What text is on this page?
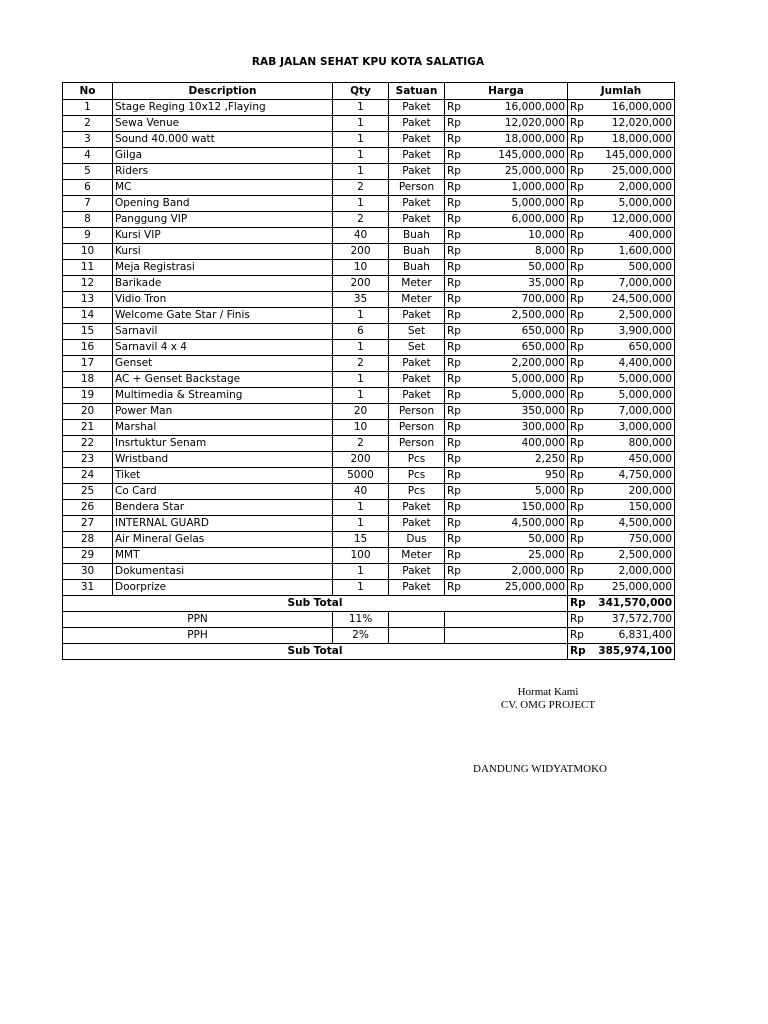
RAB JALAN SEHAT KPU KOTA SALATIGA
No	Description	Qty	Satuan	Harga		Jumlah	
1	Stage Reging 10x12 ,Flaying	1	Paket	Rp	16,000,000	Rp	16,000,000
2	Sewa Venue	1	Paket	Rp	12,020,000	Rp	12,020,000
3	Sound 40.000 watt	1	Paket	Rp	18,000,000	Rp	18,000,000
4	Gilga	1	Paket	Rp	145,000,000	Rp	145,000,000
5	Riders	1	Paket	Rp	25,000,000	Rp	25,000,000
6	MC	2	Person	Rp	1,000,000	Rp	2,000,000
7	Opening Band	1	Paket	Rp	5,000,000	Rp	5,000,000
8	Panggung VIP	2	Paket	Rp	6,000,000	Rp	12,000,000
9	Kursi VIP	40	Buah	Rp	10,000	Rp	400,000
10	Kursi	200	Buah	Rp	8,000	Rp	1,600,000
11	Meja Registrasi	10	Buah	Rp	50,000	Rp	500,000
12	Barikade	200	Meter	Rp	35,000	Rp	7,000,000
13	Vidio Tron	35	Meter	Rp	700,000	Rp	24,500,000
14	Welcome Gate Star / Finis	1	Paket	Rp	2,500,000	Rp	2,500,000
15	Sarnavil	6	Set	Rp	650,000	Rp	3,900,000
16	Sarnavil 4 x 4	1	Set	Rp	650,000	Rp	650,000
17	Genset	2	Paket	Rp	2,200,000	Rp	4,400,000
18	AC + Genset Backstage	1	Paket	Rp	5,000,000	Rp	5,000,000
19	Multimedia & Streaming	1	Paket	Rp	5,000,000	Rp	5,000,000
20	Power Man	20	Person	Rp	350,000	Rp	7,000,000
21	Marshal	10	Person	Rp	300,000	Rp	3,000,000
22	Insrtuktur Senam	2	Person	Rp	400,000	Rp	800,000
23	Wristband	200	Pcs	Rp	2,250	Rp	450,000
24	Tiket	5000	Pcs	Rp	950	Rp	4,750,000
25	Co Card	40	Pcs	Rp	5,000	Rp	200,000
26	Bendera Star	1	Paket	Rp	150,000	Rp	150,000
27	INTERNAL GUARD	1	Paket	Rp	4,500,000	Rp	4,500,000
28	Air Mineral Gelas	15	Dus	Rp	50,000	Rp	750,000
29	MMT	100	Meter	Rp	25,000	Rp	2,500,000
30	Dokumentasi	1	Paket	Rp	2,000,000	Rp	2,000,000
31	Doorprize	1	Paket	Rp	25,000,000	Rp	25,000,000
Sub Total						Rp	341,570,000
PPN		11%				Rp	37,572,700
PPH		2%				Rp	6,831,400
Sub Total						Rp	385,974,100
Hormat Kami
CV. OMG PROJECT
DANDUNG WIDYATMOKO
